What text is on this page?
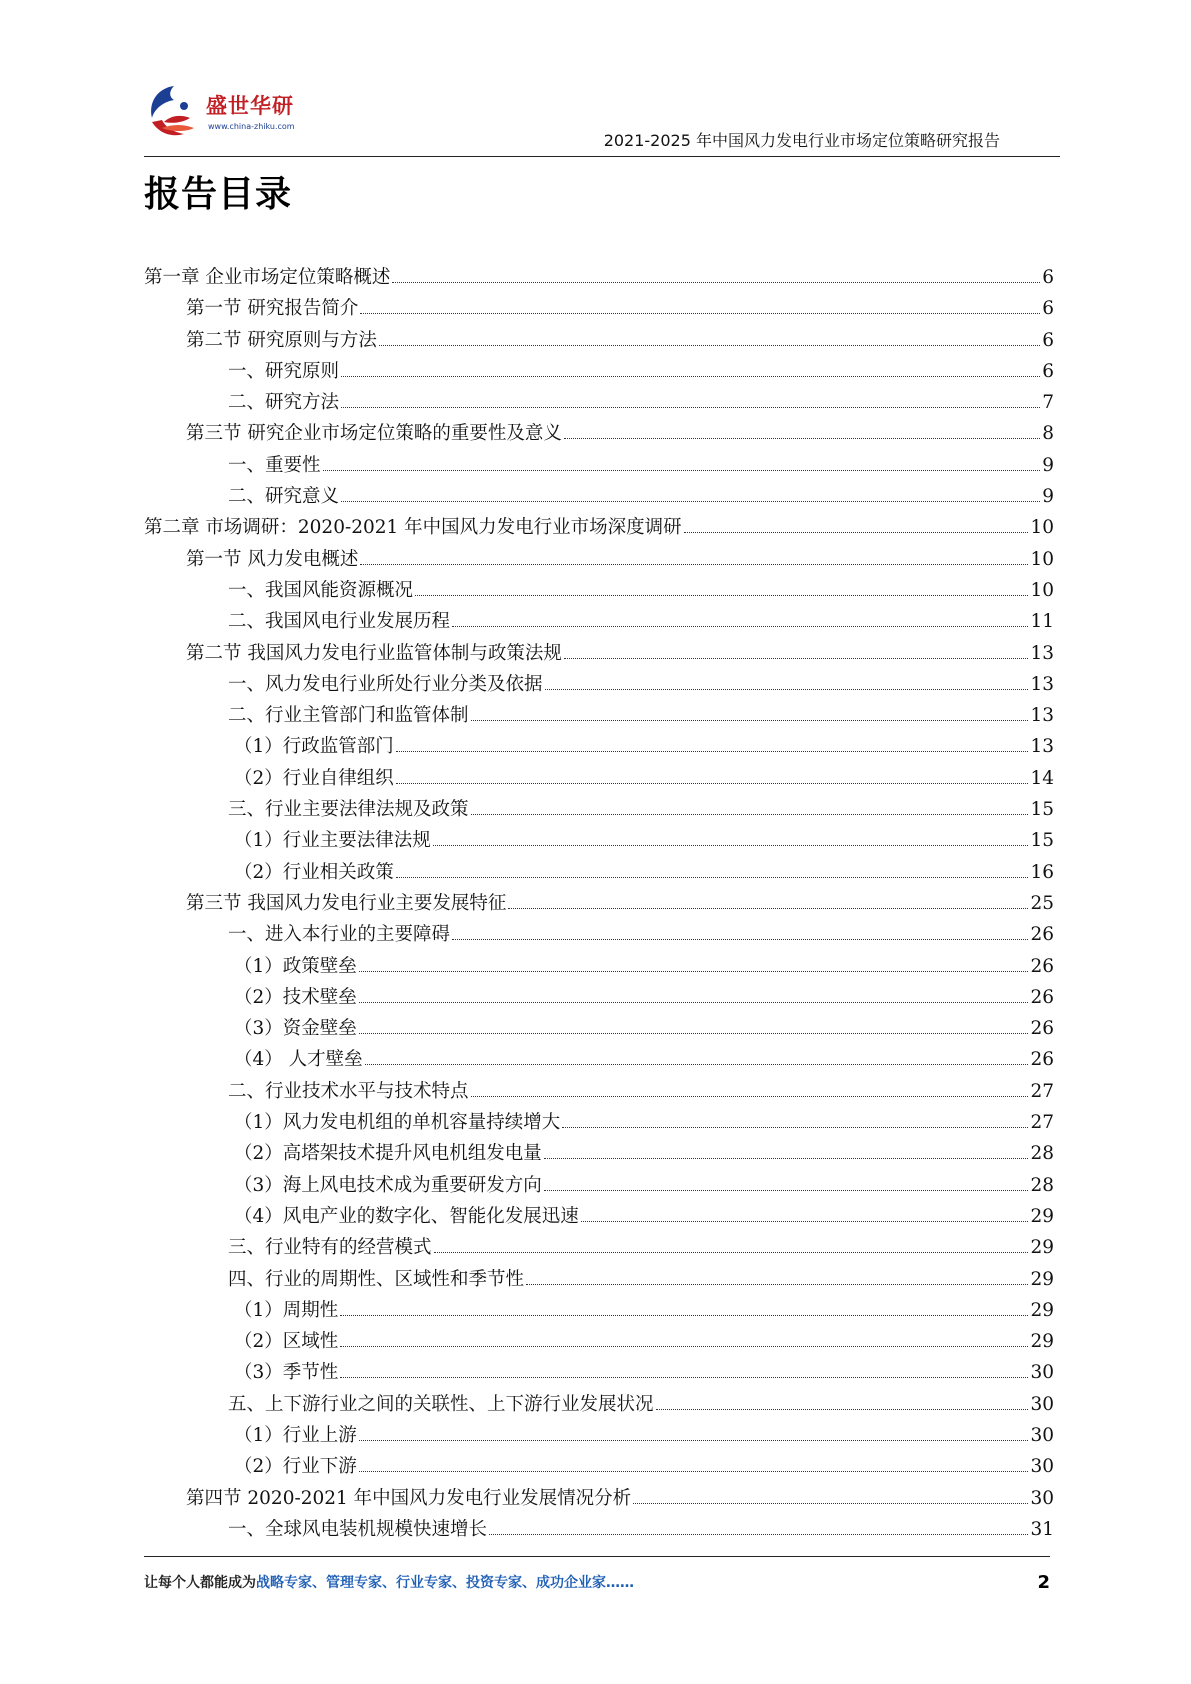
盛世华研
www.china-zhiku.com
2021-2025 年中国风力发电行业市场定位策略研究报告
报告目录
第一章 企业市场定位策略概述	6
第一节 研究报告简介	6
第二节 研究原则与方法	6
一、研究原则	6
二、研究方法	7
第三节 研究企业市场定位策略的重要性及意义	8
一、重要性	9
二、研究意义	9
第二章 市场调研：2020-2021 年中国风力发电行业市场深度调研	10
第一节 风力发电概述	10
一、我国风能资源概况	10
二、我国风电行业发展历程	11
第二节 我国风力发电行业监管体制与政策法规	13
一、风力发电行业所处行业分类及依据	13
二、行业主管部门和监管体制	13
（1）行政监管部门	13
（2）行业自律组织	14
三、行业主要法律法规及政策	15
（1）行业主要法律法规	15
（2）行业相关政策	16
第三节 我国风力发电行业主要发展特征	25
一、进入本行业的主要障碍	26
（1）政策壁垒	26
（2）技术壁垒	26
（3）资金壁垒	26
（4） 人才壁垒	26
二、行业技术水平与技术特点	27
（1）风力发电机组的单机容量持续增大	27
（2）高塔架技术提升风电机组发电量	28
（3）海上风电技术成为重要研发方向	28
（4）风电产业的数字化、智能化发展迅速	29
三、行业特有的经营模式	29
四、行业的周期性、区域性和季节性	29
（1）周期性	29
（2）区域性	29
（3）季节性	30
五、上下游行业之间的关联性、上下游行业发展状况	30
（1）行业上游	30
（2）行业下游	30
第四节 2020-2021 年中国风力发电行业发展情况分析	30
一、全球风电装机规模快速增长	31
让每个人都能成为战略专家、管理专家、行业专家、投资专家、成功企业家……	2
